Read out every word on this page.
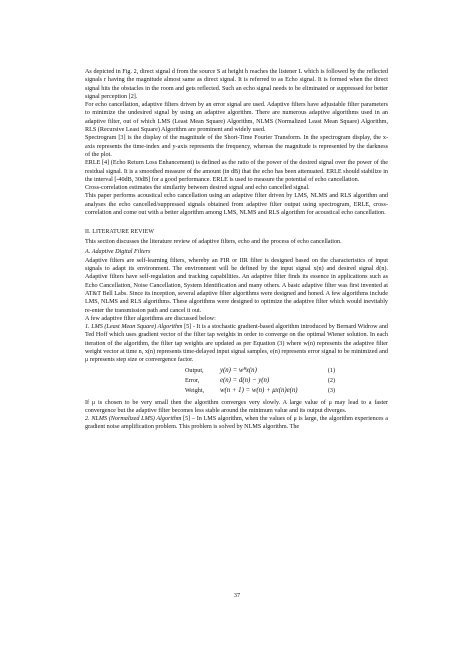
As depicted in Fig. 2, direct signal d from the source S at height h reaches the listener L which is followed by the reflected signals r having the magnitude almost same as direct signal. It is referred to as Echo signal. It is formed when the direct signal hits the obstacles in the room and gets reflected. Such an echo signal needs to be eliminated or suppressed for better signal perception [2].

For echo cancellation, adaptive filters driven by an error signal are used. Adaptive filters have adjustable filter parameters to minimize the undesired signal by using an adaptive algorithm. There are numerous adaptive algorithms used in an adaptive filter, out of which LMS (Least Mean Square) Algorithm, NLMS (Normalized Least Mean Square) Algorithm, RLS (Recursive Least Square) Algorithm are prominent and widely used.

Spectrogram [3] is the display of the magnitude of the Short-Time Fourier Transform. In the spectrogram display, the x-axis represents the time-index and y-axis represents the frequency, whereas the magnitude is represented by the darkness of the plot.

ERLE [4] (Echo Return Loss Enhancement) is defined as the ratio of the power of the desired signal over the power of the residual signal. It is a smoothed measure of the amount (in dB) that the echo has been attenuated. ERLE should stabilize in the interval [-40dB, 30dB] for a good performance. ERLE is used to measure the potential of echo cancellation.

Cross-correlation estimates the similarity between desired signal and echo cancelled signal.

This paper performs acoustical echo cancellation using an adaptive filter driven by LMS, NLMS and RLS algorithm and analyses the echo cancelled/suppressed signals obtained from adaptive filter output using spectrogram, ERLE, cross-correlation and come out with a better algorithm among LMS, NLMS and RLS algorithm for acoustical echo cancellation.

II. LITERATURE REVIEW

This section discusses the literature review of adaptive filters, echo and the process of echo cancellation.

A. Adaptive Digital Filters

Adaptive filters are self-learning filters, whereby an FIR or IIR filter is designed based on the characteristics of input signals to adapt its environment. The environment will be defined by the input signal x(n) and desired signal d(n). Adaptive filters have self-regulation and tracking capabilities. An adaptive filter finds its essence in applications such as Echo Cancellation, Noise Cancellation, System Identification and many others. A basic adaptive filter was first invented at AT&T Bell Labs. Since its inception, several adaptive filter algorithms were designed and honed. A few algorithms include LMS, NLMS and RLS algorithms. These algorithms were designed to optimize the adaptive filter which would inevitably re-enter the transmission path and cancel it out.

A few adaptive filter algorithms are discussed below:

1. LMS (Least Mean Square) Algorithm [5] - It is a stochastic gradient-based algorithm introduced by Bernard Widrow and Ted Hoff which uses gradient vector of the filter tap weights in order to converge on the optimal Wiener solution. In each iteration of the algorithm, the filter tap weights are updated as per Equation (3) where w(n) represents the adaptive filter weight vector at time n, x(n) represents time-delayed input signal samples, e(n) represents error signal to be minimized and μ represents step size or convergence factor.

Output,	y(n) = wᴴx(n)	(1)
Error,	e(n) = d(n) − y(n)	(2)
Weight,	w(n + 1) = w(n) + μx(n)e(n)	(3)

If μ is chosen to be very small then the algorithm converges very slowly. A large value of μ may lead to a faster convergence but the adaptive filter becomes less stable around the minimum value and its output diverges.

2. NLMS (Normalized LMS) Algorithm [5] – In LMS algorithm, when the values of μ is large, the algorithm experiences a gradient noise amplification problem. This problem is solved by NLMS algorithm. The

37
